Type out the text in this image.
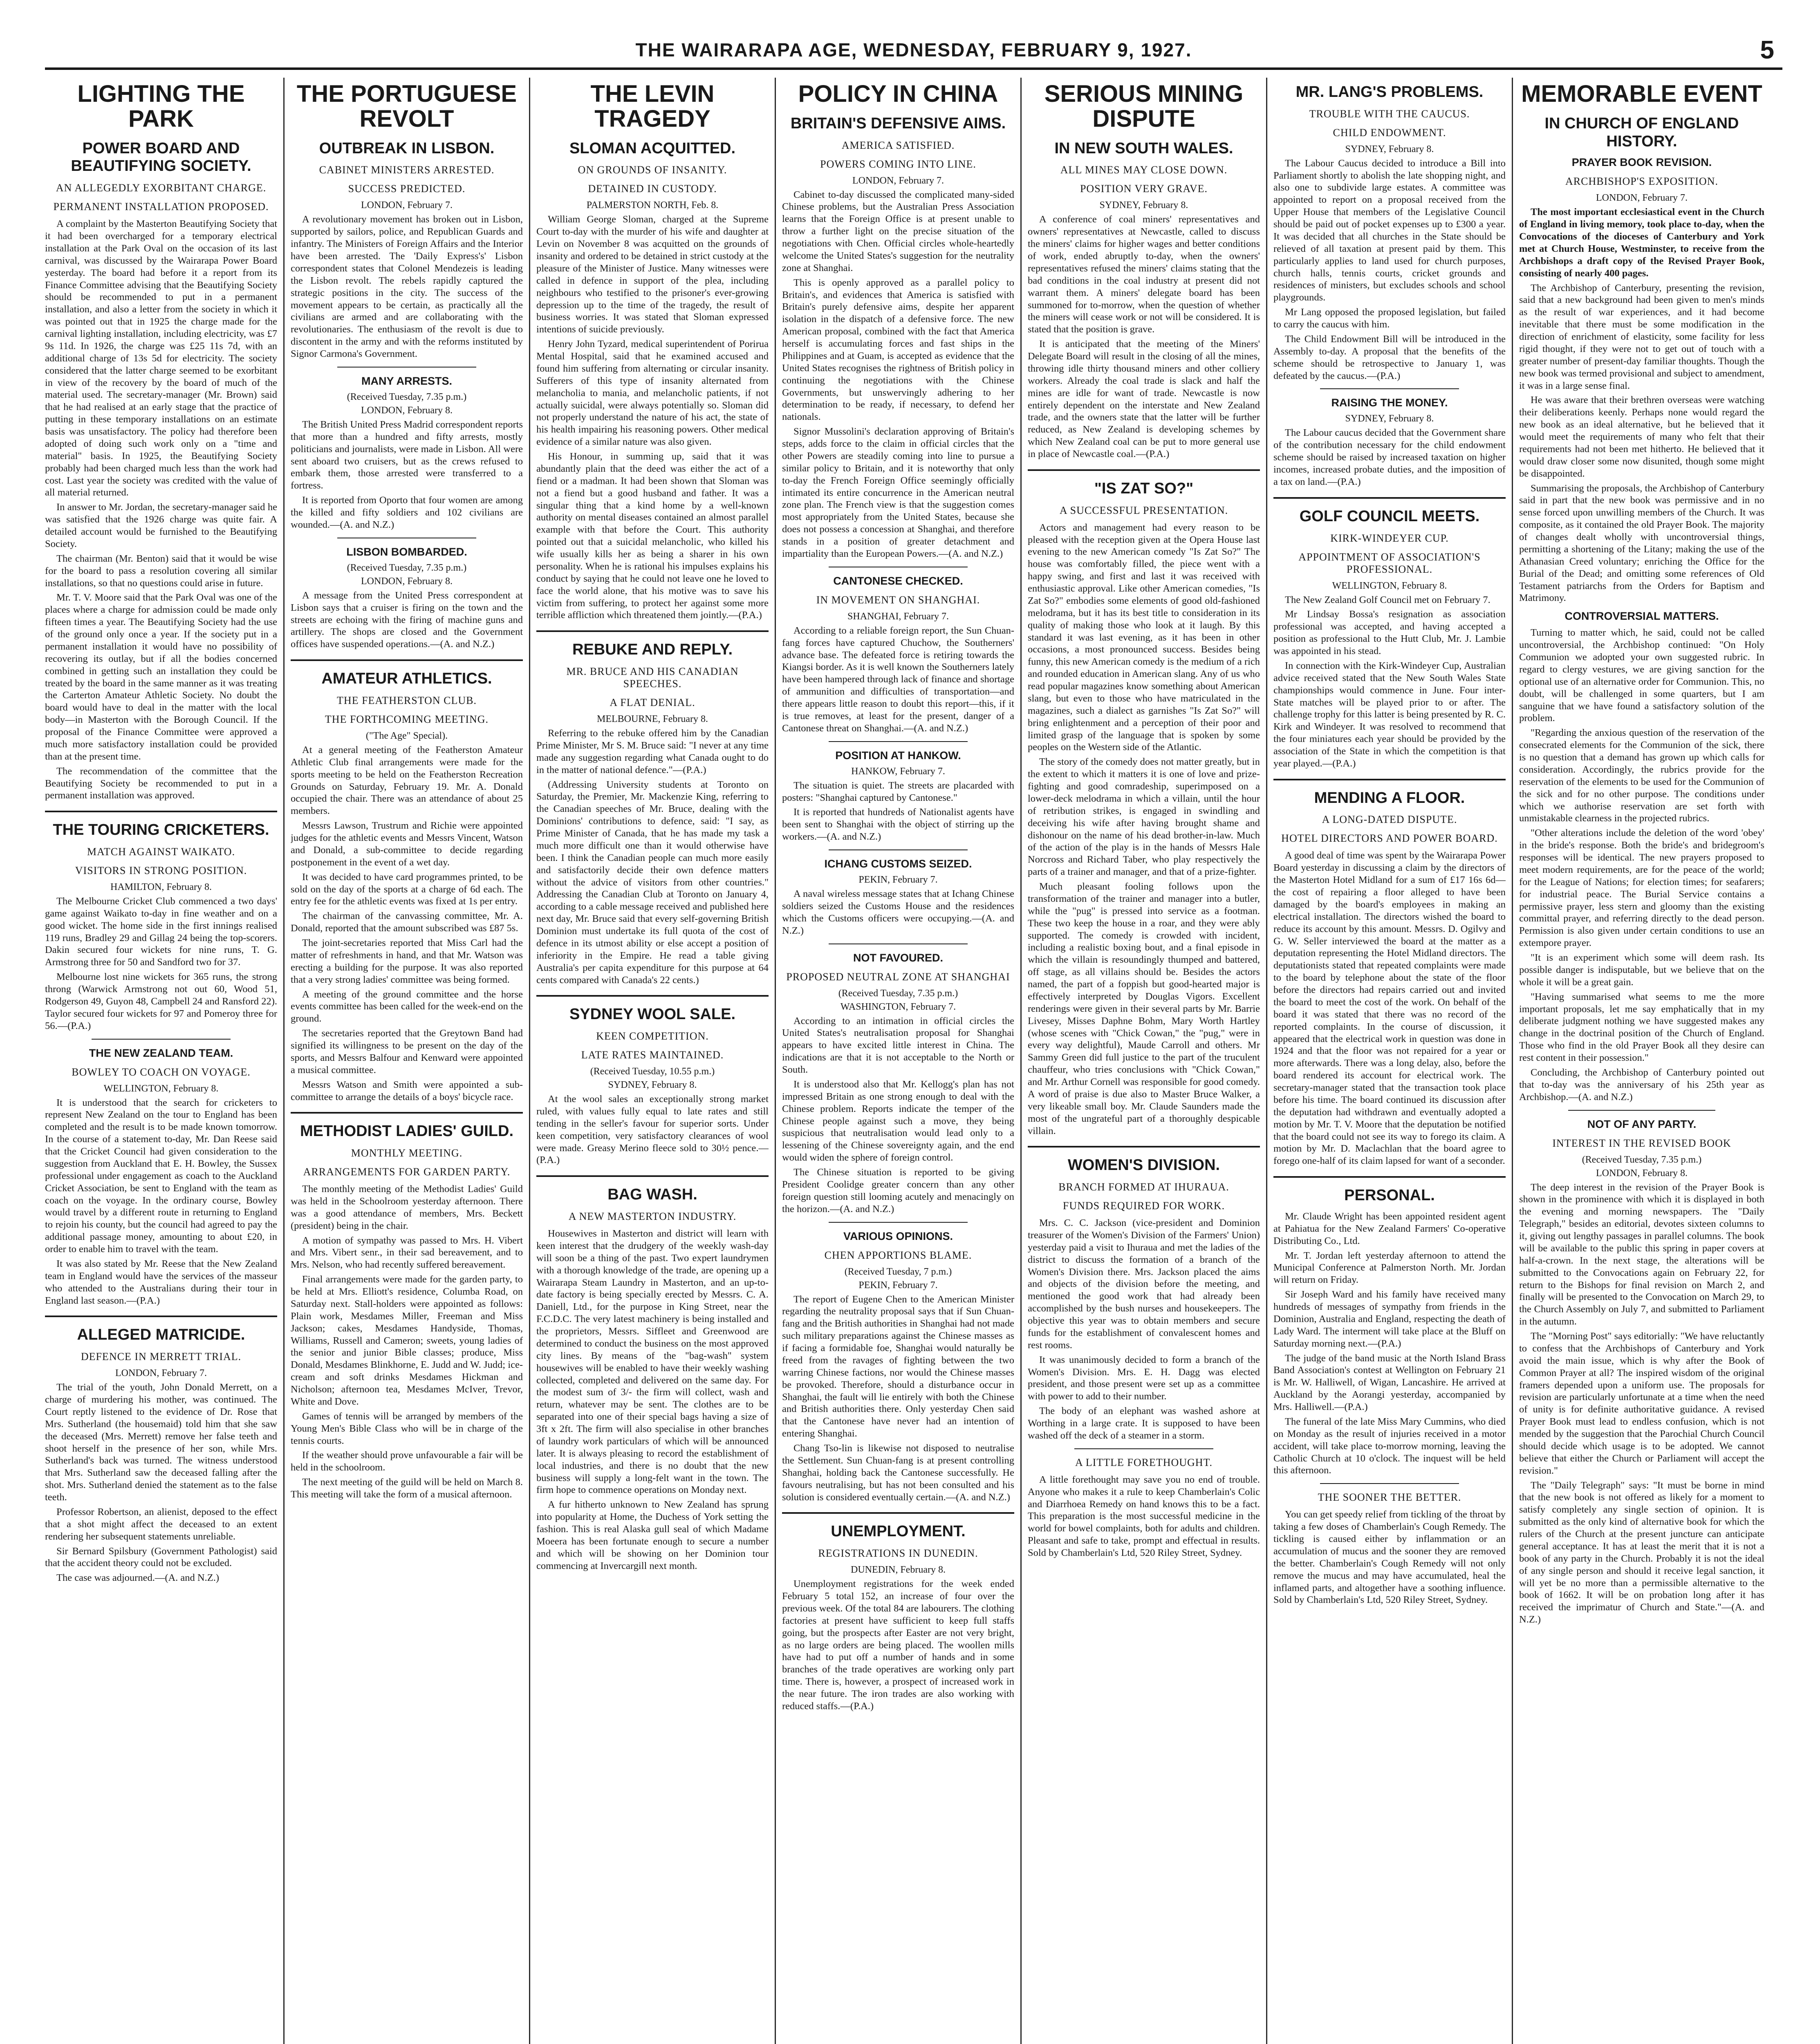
THE WAIRARAPA AGE, WEDNESDAY, FEBRUARY 9, 1927.	5
LIGHTING THE PARK
POWER BOARD AND BEAUTIFYING SOCIETY.
AN ALLEGEDLY EXORBITANT CHARGE.
PERMANENT INSTALLATION PROPOSED.

A complaint by the Masterton Beautifying Society that it had been overcharged for a temporary electrical installation at the Park Oval on the occasion of its last carnival, was discussed by the Wairarapa Power Board yesterday. The board had before it a report from its Finance Committee advising that the Beautifying Society should be recommended to put in a permanent installation, and also a letter from the society in which it was pointed out that in 1925 the charge made for the carnival lighting installation, including electricity, was £7 9s 11d. In 1926, the charge was £25 11s 7d, with an additional charge of 13s 5d for electricity. The society considered that the latter charge seemed to be exorbitant in view of the recovery by the board of much of the material used. The secretary-manager (Mr. Brown) said that he had realised at an early stage that the practice of putting in these temporary installations on an estimate basis was unsatisfactory. The policy had therefore been adopted of doing such work only on a "time and material" basis. In 1925, the Beautifying Society probably had been charged much less than the work had cost. Last year the society was credited with the value of all material returned.

In answer to Mr. Jordan, the secretary-manager said he was satisfied that the 1926 charge was quite fair. A detailed account would be furnished to the Beautifying Society.

The chairman (Mr. Benton) said that it would be wise for the board to pass a resolution covering all similar installations, so that no questions could arise in future.

Mr. T. V. Moore said that the Park Oval was one of the places where a charge for admission could be made only fifteen times a year. The Beautifying Society had the use of the ground only once a year. If the society put in a permanent installation it would have no possibility of recovering its outlay, but if all the bodies concerned combined in getting such an installation they could be treated by the board in the same manner as it was treating the Carterton Amateur Athletic Society. No doubt the board would have to deal in the matter with the local body—in Masterton with the Borough Council. If the proposal of the Finance Committee were approved a much more satisfactory installation could be provided than at the present time.

The recommendation of the committee that the Beautifying Society be recommended to put in a permanent installation was approved.

THE TOURING CRICKETERS.
MATCH AGAINST WAIKATO.
VISITORS IN STRONG POSITION.
HAMILTON, February 8.

The Melbourne Cricket Club commenced a two days' game against Waikato to-day in fine weather and on a good wicket. The home side in the first innings realised 119 runs, Bradley 29 and Gillag 24 being the top-scorers. Dakin secured four wickets for nine runs, T. G. Armstrong three for 50 and Sandford two for 37.

Melbourne lost nine wickets for 365 runs, the strong throng (Warwick Armstrong not out 60, Wood 51, Rodgerson 49, Guyon 48, Campbell 24 and Ransford 22). Taylor secured four wickets for 97 and Pomeroy three for 56.—(P.A.)

THE NEW ZEALAND TEAM.
BOWLEY TO COACH ON VOYAGE.
WELLINGTON, February 8.

It is understood that the search for cricketers to represent New Zealand on the tour to England has been completed and the result is to be made known tomorrow. In the course of a statement to-day, Mr. Dan Reese said that the Cricket Council had given consideration to the suggestion from Auckland that E. H. Bowley, the Sussex professional under engagement as coach to the Auckland Cricket Association, be sent to England with the team as coach on the voyage. In the ordinary course, Bowley would travel by a different route in returning to England to rejoin his county, but the council had agreed to pay the additional passage money, amounting to about £20, in order to enable him to travel with the team.

It was also stated by Mr. Reese that the New Zealand team in England would have the services of the masseur who attended to the Australians during their tour in England last season.—(P.A.)

ALLEGED MATRICIDE.
DEFENCE IN MERRETT TRIAL.
LONDON, February 7.

The trial of the youth, John Donald Merrett, on a charge of murdering his mother, was continued. The Court reptly listened to the evidence of Dr. Rose that Mrs. Sutherland (the housemaid) told him that she saw the deceased (Mrs. Merrett) remove her false teeth and shoot herself in the presence of her son, while Mrs. Sutherland's back was turned. The witness understood that Mrs. Sutherland saw the deceased falling after the shot. Mrs. Sutherland denied the statement as to the false teeth.

Professor Robertson, an alienist, deposed to the effect that a shot might affect the deceased to an extent rendering her subsequent statements unreliable.

Sir Bernard Spilsbury (Government Pathologist) said that the accident theory could not be excluded.

The case was adjourned.—(A. and N.Z.)

THE PORTUGUESE REVOLT
OUTBREAK IN LISBON.
CABINET MINISTERS ARRESTED.
SUCCESS PREDICTED.
LONDON, February 7.

A revolutionary movement has broken out in Lisbon, supported by sailors, police, and Republican Guards and infantry. The Ministers of Foreign Affairs and the Interior have been arrested. The 'Daily Express's' Lisbon correspondent states that Colonel Mendezeis is leading the Lisbon revolt. The rebels rapidly captured the strategic positions in the city. The success of the movement appears to be certain, as practically all the civilians are armed and are collaborating with the revolutionaries. The enthusiasm of the revolt is due to discontent in the army and with the reforms instituted by Signor Carmona's Government.

MANY ARRESTS.
(Received Tuesday, 7.35 p.m.)
LONDON, February 8.

The British United Press Madrid correspondent reports that more than a hundred and fifty arrests, mostly politicians and journalists, were made in Lisbon. All were sent aboard two cruisers, but as the crews refused to embark them, those arrested were transferred to a fortress.

It is reported from Oporto that four women are among the killed and fifty soldiers and 102 civilians are wounded.—(A. and N.Z.)

LISBON BOMBARDED.
(Received Tuesday, 7.35 p.m.)
LONDON, February 8.

A message from the United Press correspondent at Lisbon says that a cruiser is firing on the town and the streets are echoing with the firing of machine guns and artillery. The shops are closed and the Government offices have suspended operations.—(A. and N.Z.)

AMATEUR ATHLETICS.
THE FEATHERSTON CLUB.
THE FORTHCOMING MEETING.
("The Age" Special).

At a general meeting of the Featherston Amateur Athletic Club final arrangements were made for the sports meeting to be held on the Featherston Recreation Grounds on Saturday, February 19. Mr. A. Donald occupied the chair. There was an attendance of about 25 members.

Messrs Lawson, Trustrum and Richie were appointed judges for the athletic events and Messrs Vincent, Watson and Donald, a sub-committee to decide regarding postponement in the event of a wet day.

It was decided to have card programmes printed, to be sold on the day of the sports at a charge of 6d each. The entry fee for the athletic events was fixed at 1s per entry.

The chairman of the canvassing committee, Mr. A. Donald, reported that the amount subscribed was £87 5s.

The joint-secretaries reported that Miss Carl had the matter of refreshments in hand, and that Mr. Watson was erecting a building for the purpose. It was also reported that a very strong ladies' committee was being formed.

A meeting of the ground committee and the horse events committee has been called for the week-end on the ground.

The secretaries reported that the Greytown Band had signified its willingness to be present on the day of the sports, and Messrs Balfour and Kenward were appointed a musical committee.

Messrs Watson and Smith were appointed a sub-committee to arrange the details of a boys' bicycle race.

METHODIST LADIES' GUILD.
MONTHLY MEETING.
ARRANGEMENTS FOR GARDEN PARTY.

The monthly meeting of the Methodist Ladies' Guild was held in the Schoolroom yesterday afternoon. There was a good attendance of members, Mrs. Beckett (president) being in the chair.

A motion of sympathy was passed to Mrs. H. Vibert and Mrs. Vibert senr., in their sad bereavement, and to Mrs. Nelson, who had recently suffered bereavement.

Final arrangements were made for the garden party, to be held at Mrs. Elliott's residence, Columba Road, on Saturday next. Stall-holders were appointed as follows: Plain work, Mesdames Miller, Freeman and Miss Jackson; cakes, Mesdames Handyside, Thomas, Williams, Russell and Cameron; sweets, young ladies of the senior and junior Bible classes; produce, Miss Donald, Mesdames Blinkhorne, E. Judd and W. Judd; ice-cream and soft drinks Mesdames Hickman and Nicholson; afternoon tea, Mesdames McIver, Trevor, White and Dove.

Games of tennis will be arranged by members of the Young Men's Bible Class who will be in charge of the tennis courts.

If the weather should prove unfavourable a fair will be held in the schoolroom.

The next meeting of the guild will be held on March 8. This meeting will take the form of a musical afternoon.

THE LEVIN TRAGEDY
SLOMAN ACQUITTED.
ON GROUNDS OF INSANITY.
DETAINED IN CUSTODY.
PALMERSTON NORTH, Feb. 8.

William George Sloman, charged at the Supreme Court to-day with the murder of his wife and daughter at Levin on November 8 was acquitted on the grounds of insanity and ordered to be detained in strict custody at the pleasure of the Minister of Justice. Many witnesses were called in defence in support of the plea, including neighbours who testified to the prisoner's ever-growing depression up to the time of the tragedy, the result of business worries. It was stated that Sloman expressed intentions of suicide previously.

Henry John Tyzard, medical superintendent of Porirua Mental Hospital, said that he examined accused and found him suffering from alternating or circular insanity. Sufferers of this type of insanity alternated from melancholia to mania, and melancholic patients, if not actually suicidal, were always potentially so. Sloman did not properly understand the nature of his act, the state of his health impairing his reasoning powers. Other medical evidence of a similar nature was also given.

His Honour, in summing up, said that it was abundantly plain that the deed was either the act of a fiend or a madman. It had been shown that Sloman was not a fiend but a good husband and father. It was a singular thing that a kind home by a well-known authority on mental diseases contained an almost parallel example with that before the Court. This authority pointed out that a suicidal melancholic, who killed his wife usually kills her as being a sharer in his own personality. When he is rational his impulses explains his conduct by saying that he could not leave one he loved to face the world alone, that his motive was to save his victim from suffering, to protect her against some more terrible affliction which threatened them jointly.—(P.A.)

REBUKE AND REPLY.
MR. BRUCE AND HIS CANADIAN SPEECHES.
A FLAT DENIAL.
MELBOURNE, February 8.

Referring to the rebuke offered him by the Canadian Prime Minister, Mr S. M. Bruce said: "I never at any time made any suggestion regarding what Canada ought to do in the matter of national defence."—(P.A.)

(Addressing University students at Toronto on Saturday, the Premier, Mr. Mackenzie King, referring to the Canadian speeches of Mr. Bruce, dealing with the Dominions' contributions to defence, said: "I say, as Prime Minister of Canada, that he has made my task a much more difficult one than it would otherwise have been. I think the Canadian people can much more easily and satisfactorily decide their own defence matters without the advice of visitors from other countries." Addressing the Canadian Club at Toronto on January 4, according to a cable message received and published here next day, Mr. Bruce said that every self-governing British Dominion must undertake its full quota of the cost of defence in its utmost ability or else accept a position of inferiority in the Empire. He read a table giving Australia's per capita expenditure for this purpose at 64 cents compared with Canada's 22 cents.)

SYDNEY WOOL SALE.
KEEN COMPETITION.
LATE RATES MAINTAINED.
(Received Tuesday, 10.55 p.m.)
SYDNEY, February 8.

At the wool sales an exceptionally strong market ruled, with values fully equal to late rates and still tending in the seller's favour for superior sorts. Under keen competition, very satisfactory clearances of wool were made. Greasy Merino fleece sold to 30½ pence.—(P.A.)

BAG WASH.
A NEW MASTERTON INDUSTRY.

Housewives in Masterton and district will learn with keen interest that the drudgery of the weekly wash-day will soon be a thing of the past. Two expert laundrymen with a thorough knowledge of the trade, are opening up a Wairarapa Steam Laundry in Masterton, and an up-to-date factory is being specially erected by Messrs. C. A. Daniell, Ltd., for the purpose in King Street, near the F.C.D.C. The very latest machinery is being installed and the proprietors, Messrs. Siffleet and Greenwood are determined to conduct the business on the most approved city lines. By means of the "bag-wash" system housewives will be enabled to have their weekly washing collected, completed and delivered on the same day. For the modest sum of 3/- the firm will collect, wash and return, whatever may be sent. The clothes are to be separated into one of their special bags having a size of 3ft x 2ft. The firm will also specialise in other branches of laundry work particulars of which will be announced later. It is always pleasing to record the establishment of local industries, and there is no doubt that the new business will supply a long-felt want in the town. The firm hope to commence operations on Monday next.

A fur hitherto unknown to New Zealand has sprung into popularity at Home, the Duchess of York setting the fashion. This is real Alaska gull seal of which Madame Moeera has been fortunate enough to secure a number and which will be showing on her Dominion tour commencing at Invercargill next month.

POLICY IN CHINA
BRITAIN'S DEFENSIVE AIMS.
AMERICA SATISFIED.
POWERS COMING INTO LINE.
LONDON, February 7.

Cabinet to-day discussed the complicated many-sided Chinese problems, but the Australian Press Association learns that the Foreign Office is at present unable to throw a further light on the precise situation of the negotiations with Chen. Official circles whole-heartedly welcome the United States's suggestion for the neutrality zone at Shanghai.

This is openly approved as a parallel policy to Britain's, and evidences that America is satisfied with Britain's purely defensive aims, despite her apparent isolation in the dispatch of a defensive force. The new American proposal, combined with the fact that America herself is accumulating forces and fast ships in the Philippines and at Guam, is accepted as evidence that the United States recognises the rightness of British policy in continuing the negotiations with the Chinese Governments, but unswervingly adhering to her determination to be ready, if necessary, to defend her nationals.

Signor Mussolini's declaration approving of Britain's steps, adds force to the claim in official circles that the other Powers are steadily coming into line to pursue a similar policy to Britain, and it is noteworthy that only to-day the French Foreign Office seemingly officially intimated its entire concurrence in the American neutral zone plan. The French view is that the suggestion comes most appropriately from the United States, because she does not possess a concession at Shanghai, and therefore stands in a position of greater detachment and impartiality than the European Powers.—(A. and N.Z.)

CANTONESE CHECKED.
IN MOVEMENT ON SHANGHAI.
SHANGHAI, February 7.

According to a reliable foreign report, the Sun Chuan-fang forces have captured Chuchow, the Southerners' advance base. The defeated force is retiring towards the Kiangsi border. As it is well known the Southerners lately have been hampered through lack of finance and shortage of ammunition and difficulties of transportation—and there appears little reason to doubt this report—this, if it is true removes, at least for the present, danger of a Cantonese threat on Shanghai.—(A. and N.Z.)

POSITION AT HANKOW.
HANKOW, February 7.

The situation is quiet. The streets are placarded with posters: "Shanghai captured by Cantonese."

It is reported that hundreds of Nationalist agents have been sent to Shanghai with the object of stirring up the workers.—(A. and N.Z.)

ICHANG CUSTOMS SEIZED.
PEKIN, February 7.

A naval wireless message states that at Ichang Chinese soldiers seized the Customs House and the residences which the Customs officers were occupying.—(A. and N.Z.)

NOT FAVOURED.
PROPOSED NEUTRAL ZONE AT SHANGHAI
(Received Tuesday, 7.35 p.m.)
WASHINGTON, February 7.

According to an intimation in official circles the United States's neutralisation proposal for Shanghai appears to have excited little interest in China. The indications are that it is not acceptable to the North or South.

It is understood also that Mr. Kellogg's plan has not impressed Britain as one strong enough to deal with the Chinese problem. Reports indicate the temper of the Chinese people against such a move, they being suspicious that neutralisation would lead only to a lessening of the Chinese sovereignty again, and the end would widen the sphere of foreign control.

The Chinese situation is reported to be giving President Coolidge greater concern than any other foreign question still looming acutely and menacingly on the horizon.—(A. and N.Z.)

VARIOUS OPINIONS.
CHEN APPORTIONS BLAME.
(Received Tuesday, 7 p.m.)
PEKIN, February 7.

The report of Eugene Chen to the American Minister regarding the neutrality proposal says that if Sun Chuan-fang and the British authorities in Shanghai had not made such military preparations against the Chinese masses as if facing a formidable foe, Shanghai would naturally be freed from the ravages of fighting between the two warring Chinese factions, nor would the Chinese masses be provoked. Therefore, should a disturbance occur in Shanghai, the fault will lie entirely with both the Chinese and British authorities there. Only yesterday Chen said that the Cantonese have never had an intention of entering Shanghai.

Chang Tso-lin is likewise not disposed to neutralise the Settlement. Sun Chuan-fang is at present controlling Shanghai, holding back the Cantonese successfully. He favours neutralising, but has not been consulted and his solution is considered eventually certain.—(A. and N.Z.)

UNEMPLOYMENT.
REGISTRATIONS IN DUNEDIN.
DUNEDIN, February 8.

Unemployment registrations for the week ended February 5 total 152, an increase of four over the previous week. Of the total 84 are labourers. The clothing factories at present have sufficient to keep full staffs going, but the prospects after Easter are not very bright, as no large orders are being placed. The woollen mills have had to put off a number of hands and in some branches of the trade operatives are working only part time. There is, however, a prospect of increased work in the near future. The iron trades are also working with reduced staffs.—(P.A.)

SERIOUS MINING DISPUTE
IN NEW SOUTH WALES.
ALL MINES MAY CLOSE DOWN.
POSITION VERY GRAVE.
SYDNEY, February 8.

A conference of coal miners' representatives and owners' representatives at Newcastle, called to discuss the miners' claims for higher wages and better conditions of work, ended abruptly to-day, when the owners' representatives refused the miners' claims stating that the bad conditions in the coal industry at present did not warrant them. A miners' delegate board has been summoned for to-morrow, when the question of whether the miners will cease work or not will be considered. It is stated that the position is grave.

It is anticipated that the meeting of the Miners' Delegate Board will result in the closing of all the mines, throwing idle thirty thousand miners and other colliery workers. Already the coal trade is slack and half the mines are idle for want of trade. Newcastle is now entirely dependent on the interstate and New Zealand trade, and the owners state that the latter will be further reduced, as New Zealand is developing schemes by which New Zealand coal can be put to more general use in place of Newcastle coal.—(P.A.)

"IS ZAT SO?"
A SUCCESSFUL PRESENTATION.

Actors and management had every reason to be pleased with the reception given at the Opera House last evening to the new American comedy "Is Zat So?" The house was comfortably filled, the piece went with a happy swing, and first and last it was received with enthusiastic approval. Like other American comedies, "Is Zat So?" embodies some elements of good old-fashioned melodrama, but it has its best title to consideration in its quality of making those who look at it laugh. By this standard it was last evening, as it has been in other occasions, a most pronounced success. Besides being funny, this new American comedy is the medium of a rich and rounded education in American slang. Any of us who read popular magazines know something about American slang, but even to those who have matriculated in the magazines, such a dialect as garnishes "Is Zat So?" will bring enlightenment and a perception of their poor and limited grasp of the language that is spoken by some peoples on the Western side of the Atlantic.

The story of the comedy does not matter greatly, but in the extent to which it matters it is one of love and prize-fighting and good comradeship, superimposed on a lower-deck melodrama in which a villain, until the hour of retribution strikes, is engaged in swindling and deceiving his wife after having brought shame and dishonour on the name of his dead brother-in-law. Much of the action of the play is in the hands of Messrs Hale Norcross and Richard Taber, who play respectively the parts of a trainer and manager, and that of a prize-fighter.

Much pleasant fooling follows upon the transformation of the trainer and manager into a butler, while the "pug" is pressed into service as a footman. These two keep the house in a roar, and they were ably supported. The comedy is crowded with incident, including a realistic boxing bout, and a final episode in which the villain is resoundingly thumped and battered, off stage, as all villains should be. Besides the actors named, the part of a foppish but good-hearted major is effectively interpreted by Douglas Vigors. Excellent renderings were given in their several parts by Mr. Barrie Livesey, Misses Daphne Bohm, Mary Worth Hartley (whose scenes with "Chick Cowan," the "pug," were in every way delightful), Maude Carroll and others. Mr Sammy Green did full justice to the part of the truculent chauffeur, who tries conclusions with "Chick Cowan," and Mr. Arthur Cornell was responsible for good comedy. A word of praise is due also to Master Bruce Walker, a very likeable small boy. Mr. Claude Saunders made the most of the ungrateful part of a thoroughly despicable villain.

WOMEN'S DIVISION.
BRANCH FORMED AT IHURAUA.
FUNDS REQUIRED FOR WORK.

Mrs. C. C. Jackson (vice-president and Dominion treasurer of the Women's Division of the Farmers' Union) yesterday paid a visit to Ihuraua and met the ladies of the district to discuss the formation of a branch of the Women's Division there. Mrs. Jackson placed the aims and objects of the division before the meeting, and mentioned the good work that had already been accomplished by the bush nurses and housekeepers. The objective this year was to obtain members and secure funds for the establishment of convalescent homes and rest rooms.

It was unanimously decided to form a branch of the Women's Division. Mrs. E. H. Dagg was elected president, and those present were set up as a committee with power to add to their number.

The body of an elephant was washed ashore at Worthing in a large crate. It is supposed to have been washed off the deck of a steamer in a storm.

A LITTLE FORETHOUGHT.

A little forethought may save you no end of trouble. Anyone who makes it a rule to keep Chamberlain's Colic and Diarrhoea Remedy on hand knows this to be a fact. This preparation is the most successful medicine in the world for bowel complaints, both for adults and children. Pleasant and safe to take, prompt and effectual in results. Sold by Chamberlain's Ltd, 520 Riley Street, Sydney.

MR. LANG'S PROBLEMS.
TROUBLE WITH THE CAUCUS.
CHILD ENDOWMENT.
SYDNEY, February 8.

The Labour Caucus decided to introduce a Bill into Parliament shortly to abolish the late shopping night, and also one to subdivide large estates. A committee was appointed to report on a proposal received from the Upper House that members of the Legislative Council should be paid out of pocket expenses up to £300 a year. It was decided that all churches in the State should be relieved of all taxation at present paid by them. This particularly applies to land used for church purposes, church halls, tennis courts, cricket grounds and residences of ministers, but excludes schools and school playgrounds.

Mr Lang opposed the proposed legislation, but failed to carry the caucus with him.

The Child Endowment Bill will be introduced in the Assembly to-day. A proposal that the benefits of the scheme should be retrospective to January 1, was defeated by the caucus.—(P.A.)

RAISING THE MONEY.
SYDNEY, February 8.

The Labour caucus decided that the Government share of the contribution necessary for the child endowment scheme should be raised by increased taxation on higher incomes, increased probate duties, and the imposition of a tax on land.—(P.A.)

GOLF COUNCIL MEETS.
KIRK-WINDEYER CUP.
APPOINTMENT OF ASSOCIATION'S PROFESSIONAL.
WELLINGTON, February 8.

The New Zealand Golf Council met on February 7.

Mr Lindsay Bossa's resignation as association professional was accepted, and having accepted a position as professional to the Hutt Club, Mr. J. Lambie was appointed in his stead.

In connection with the Kirk-Windeyer Cup, Australian advice received stated that the New South Wales State championships would commence in June. Four inter-State matches will be played prior to or after. The challenge trophy for this latter is being presented by R. C. Kirk and Windeyer. It was resolved to recommend that the four miniatures each year should be provided by the association of the State in which the competition is that year played.—(P.A.)

MENDING A FLOOR.
A LONG-DATED DISPUTE.
HOTEL DIRECTORS AND POWER BOARD.

A good deal of time was spent by the Wairarapa Power Board yesterday in discussing a claim by the directors of the Masterton Hotel Midland for a sum of £17 16s 6d—the cost of repairing a floor alleged to have been damaged by the board's employees in making an electrical installation. The directors wished the board to reduce its account by this amount. Messrs. D. Ogilvy and G. W. Seller interviewed the board at the matter as a deputation representing the Hotel Midland directors. The deputationists stated that repeated complaints were made to the board by telephone about the state of the floor before the directors had repairs carried out and invited the board to meet the cost of the work. On behalf of the board it was stated that there was no record of the reported complaints. In the course of discussion, it appeared that the electrical work in question was done in 1924 and that the floor was not repaired for a year or more afterwards. There was a long delay, also, before the board rendered its account for electrical work. The secretary-manager stated that the transaction took place before his time. The board continued its discussion after the deputation had withdrawn and eventually adopted a motion by Mr. T. V. Moore that the deputation be notified that the board could not see its way to forego its claim. A motion by Mr. D. Maclachlan that the board agree to forego one-half of its claim lapsed for want of a seconder.

PERSONAL.

Mr. Claude Wright has been appointed resident agent at Pahiatua for the New Zealand Farmers' Co-operative Distributing Co., Ltd.

Mr. T. Jordan left yesterday afternoon to attend the Municipal Conference at Palmerston North. Mr. Jordan will return on Friday.

Sir Joseph Ward and his family have received many hundreds of messages of sympathy from friends in the Dominion, Australia and England, respecting the death of Lady Ward. The interment will take place at the Bluff on Saturday morning next.—(P.A.)

The judge of the band music at the North Island Brass Band Association's contest at Wellington on February 21 is Mr. W. Halliwell, of Wigan, Lancashire. He arrived at Auckland by the Aorangi yesterday, accompanied by Mrs. Halliwell.—(P.A.)

The funeral of the late Miss Mary Cummins, who died on Monday as the result of injuries received in a motor accident, will take place to-morrow morning, leaving the Catholic Church at 10 o'clock. The inquest will be held this afternoon.

THE SOONER THE BETTER.

You can get speedy relief from tickling of the throat by taking a few doses of Chamberlain's Cough Remedy. The tickling is caused either by inflammation or an accumulation of mucus and the sooner they are removed the better. Chamberlain's Cough Remedy will not only remove the mucus and may have accumulated, heal the inflamed parts, and altogether have a soothing influence. Sold by Chamberlain's Ltd, 520 Riley Street, Sydney.

MEMORABLE EVENT
IN CHURCH OF ENGLAND HISTORY.
PRAYER BOOK REVISION.
ARCHBISHOP'S EXPOSITION.
LONDON, February 7.

The most important ecclesiastical event in the Church of England in living memory, took place to-day, when the Convocations of the dioceses of Canterbury and York met at Church House, Westminster, to receive from the Archbishops a draft copy of the Revised Prayer Book, consisting of nearly 400 pages.

The Archbishop of Canterbury, presenting the revision, said that a new background had been given to men's minds as the result of war experiences, and it had become inevitable that there must be some modification in the direction of enrichment of elasticity, some facility for less rigid thought, if they were not to get out of touch with a greater number of present-day familiar thoughts. Though the new book was termed provisional and subject to amendment, it was in a large sense final.

He was aware that their brethren overseas were watching their deliberations keenly. Perhaps none would regard the new book as an ideal alternative, but he believed that it would meet the requirements of many who felt that their requirements had not been met hitherto. He believed that it would draw closer some now disunited, though some might be disappointed.

Summarising the proposals, the Archbishop of Canterbury said in part that the new book was permissive and in no sense forced upon unwilling members of the Church. It was composite, as it contained the old Prayer Book. The majority of changes dealt wholly with uncontroversial things, permitting a shortening of the Litany; making the use of the Athanasian Creed voluntary; enriching the Office for the Burial of the Dead; and omitting some references of Old Testament patriarchs from the Orders for Baptism and Matrimony.

CONTROVERSIAL MATTERS.

Turning to matter which, he said, could not be called uncontroversial, the Archbishop continued: "On Holy Communion we adopted your own suggested rubric. In regard to clergy vestures, we are giving sanction for the optional use of an alternative order for Communion. This, no doubt, will be challenged in some quarters, but I am sanguine that we have found a satisfactory solution of the problem.

"Regarding the anxious question of the reservation of the consecrated elements for the Communion of the sick, there is no question that a demand has grown up which calls for consideration. Accordingly, the rubrics provide for the reservation of the elements to be used for the Communion of the sick and for no other purpose. The conditions under which we authorise reservation are set forth with unmistakable clearness in the projected rubrics.

"Other alterations include the deletion of the word 'obey' in the bride's response. Both the bride's and bridegroom's responses will be identical. The new prayers proposed to meet modern requirements, are for the peace of the world; for the League of Nations; for election times; for seafarers; for industrial peace. The Burial Service contains a permissive prayer, less stern and gloomy than the existing committal prayer, and referring directly to the dead person. Permission is also given under certain conditions to use an extempore prayer.

"It is an experiment which some will deem rash. Its possible danger is indisputable, but we believe that on the whole it will be a great gain.

"Having summarised what seems to me the more important proposals, let me say emphatically that in my deliberate judgment nothing we have suggested makes any change in the doctrinal position of the Church of England. Those who find in the old Prayer Book all they desire can rest content in their possession."

Concluding, the Archbishop of Canterbury pointed out that to-day was the anniversary of his 25th year as Archbishop.—(A. and N.Z.)

NOT OF ANY PARTY.
INTEREST IN THE REVISED BOOK
(Received Tuesday, 7.35 p.m.)
LONDON, February 8.

The deep interest in the revision of the Prayer Book is shown in the prominence with which it is displayed in both the evening and morning newspapers. The "Daily Telegraph," besides an editorial, devotes sixteen columns to it, giving out lengthy passages in parallel columns. The book will be available to the public this spring in paper covers at half-a-crown. In the next stage, the alterations will be submitted to the Convocations again on February 22, for return to the Bishops for final revision on March 2, and finally will be presented to the Convocation on March 29, to the Church Assembly on July 7, and submitted to Parliament in the autumn.

The "Morning Post" says editorially: "We have reluctantly to confess that the Archbishops of Canterbury and York avoid the main issue, which is why after the Book of Common Prayer at all? The inspired wisdom of the original framers depended upon a uniform use. The proposals for revision are particularly unfortunate at a time when the need of unity is for definite authoritative guidance. A revised Prayer Book must lead to endless confusion, which is not mended by the suggestion that the Parochial Church Council should decide which usage is to be adopted. We cannot believe that either the Church or Parliament will accept the revision."

The "Daily Telegraph" says: "It must be borne in mind that the new book is not offered as likely for a moment to satisfy completely any single section of opinion. It is submitted as the only kind of alternative book for which the rulers of the Church at the present juncture can anticipate general acceptance. It has at least the merit that it is not a book of any party in the Church. Probably it is not the ideal of any single person and should it receive legal sanction, it will yet be no more than a permissible alternative to the book of 1662. It will be on probation long after it has received the imprimatur of Church and State."—(A. and N.Z.)
